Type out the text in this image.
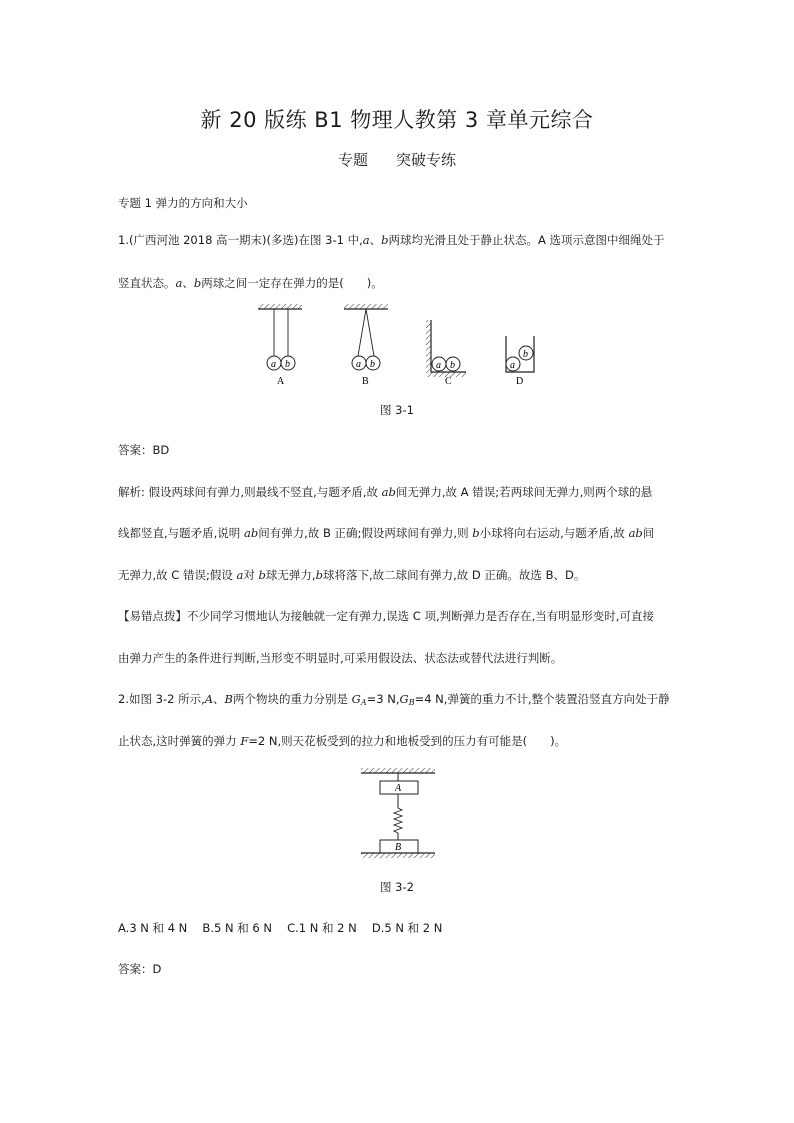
新 20 版练 B1 物理人教第 3 章单元综合
专题 突破专练
专题 1 弹力的方向和大小
1.(广西河池 2018 高一期末)(多选)在图 3-1 中,a、b两球均光滑且处于静止状态。A 选项示意图中细绳处于
竖直状态。a、b两球之间一定存在弹力的是(　　)。
a b
A
a b
B
a b
C
a
b
D
图 3-1
答案：BD
解析: 假设两球间有弹力,则最线不竖直,与题矛盾,故 ab间无弹力,故 A 错误;若两球间无弹力,则两个球的悬
线都竖直,与题矛盾,说明 ab间有弹力,故 B 正确;假设两球间有弹力,则 b小球将向右运动,与题矛盾,故 ab间
无弹力,故 C 错误;假设 a对 b球无弹力,b球将落下,故二球间有弹力,故 D 正确。故选 B、D。
【易错点拨】不少同学习惯地认为接触就一定有弹力,误选 C 项,判断弹力是否存在,当有明显形变时,可直接
由弹力产生的条件进行判断,当形变不明显时,可采用假设法、状态法或替代法进行判断。
2.如图 3-2 所示,A、B两个物块的重力分别是 $G_A=3$ $N,G_B=4$ N,弹簧的重力不计,整个装置沿竖直方向处于静
止状态,这时弹簧的弹力 F=2 N,则天花板受到的拉力和地板受到的压力有可能是(　　)。
A
B
图 3-2
A.3 N 和 4 N　 B.5 N 和 6 N　 C.1 N 和 2 N　 D.5 N 和 2 N
答案：D
